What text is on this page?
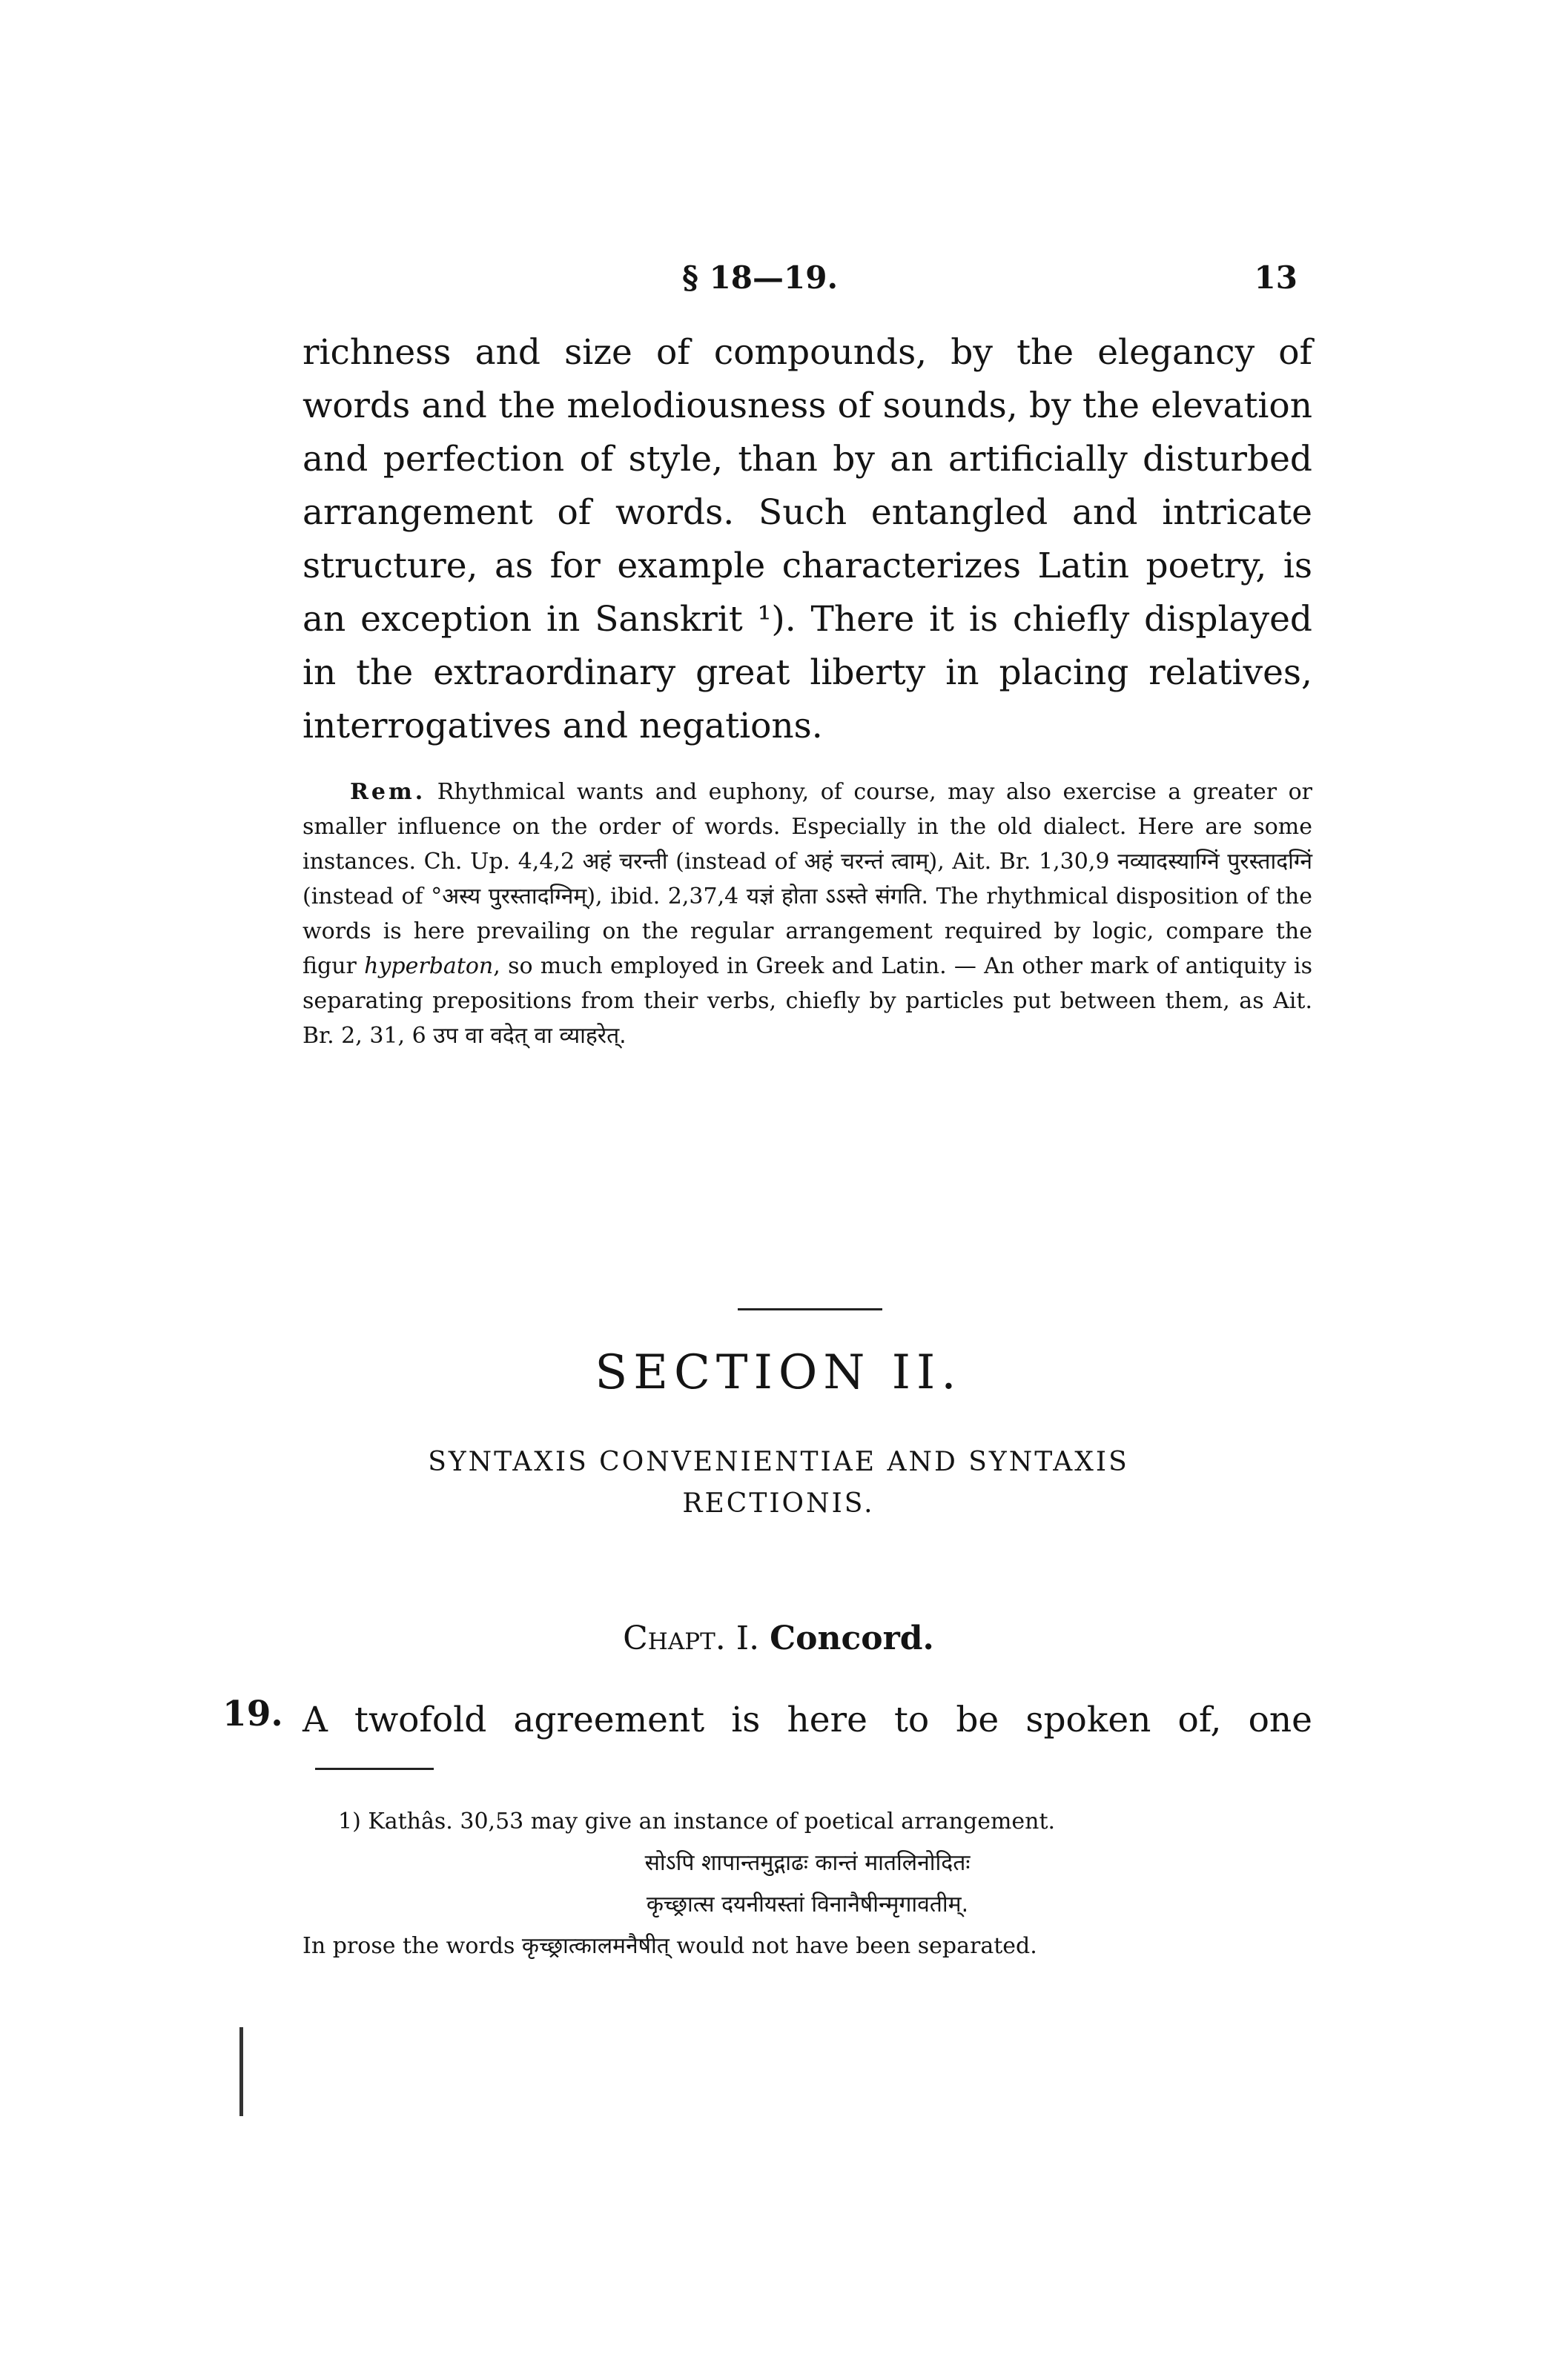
§ 18—19.	13

richness and size of compounds, by the elegancy of words and the melodiousness of sounds, by the elevation and perfection of style, than by an artificially disturbed arrangement of words. Such entangled and intricate structure, as for example characterizes Latin poetry, is an exception in Sanskrit ¹). There it is chiefly displayed in the extraordinary great liberty in placing relatives, interrogatives and negations.

Rem. Rhythmical wants and euphony, of course, may also exercise a greater or smaller influence on the order of words. Especially in the old dialect. Here are some instances. Ch. Up. 4,4,2 अहं चरन्ती (instead of अहं चरन्तं त्वाम्), Ait. Br. 1,30,9 नव्यादस्याग्निं पुरस्तादग्निं (instead of °अस्य पुरस्तादग्निम्), ibid. 2,37,4 यज्ञं होता ऽऽस्ते संगति. The rhythmical disposition of the words is here prevailing on the regular arrangement required by logic, compare the figur hyperbaton, so much employed in Greek and Latin. — An other mark of antiquity is separating prepositions from their verbs, chiefly by particles put between them, as Ait. Br. 2, 31, 6 उप वा वदेत् वा व्याहरेत्.

SECTION II.
SYNTAXIS CONVENIENTIAE AND SYNTAXIS
RECTIONIS.
Chapt. I. Concord.
19. A twofold agreement is here to be spoken of, one

1) Kathâs. 30,53 may give an instance of poetical arrangement.

सोऽपि शापान्तमुद्गाढः कान्तं मातलिनोदितः

कृच्छ्रात्स दयनीयस्तां विनानैषीन्मृगावतीम्.

In prose the words कृच्छ्रात्कालमनैषीत् would not have been separated.
